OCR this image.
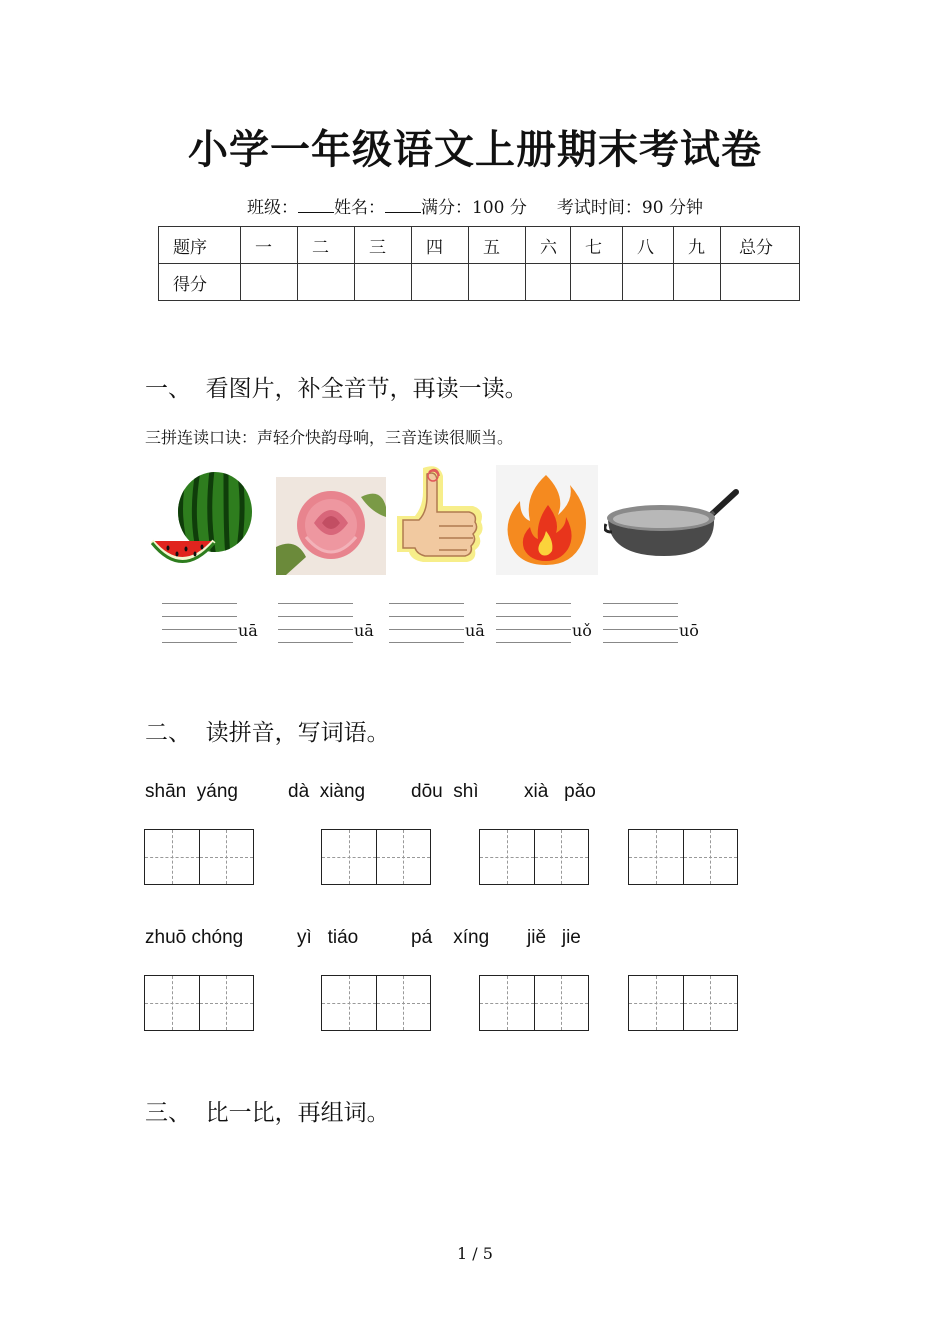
小学一年级语文上册期末考试卷
班级： 姓名： 满分：100 分 考试时间：90 分钟
题序	一	二	三	四	五	六	七	八	九	总分
得分										
一、  看图片，补全音节，再读一读。
三拼连读口诀：声轻介快韵母响，三音连读很顺当。
uā	uā	uā	uǒ	uō
二、  读拼音，写词语。
shān  yáng	dà  xiàng dōu  shì xià   pǎo
zhuō chóng	yì   tiáo	pá    xíng jiě   jie
三、  比一比，再组词。
1 / 5
